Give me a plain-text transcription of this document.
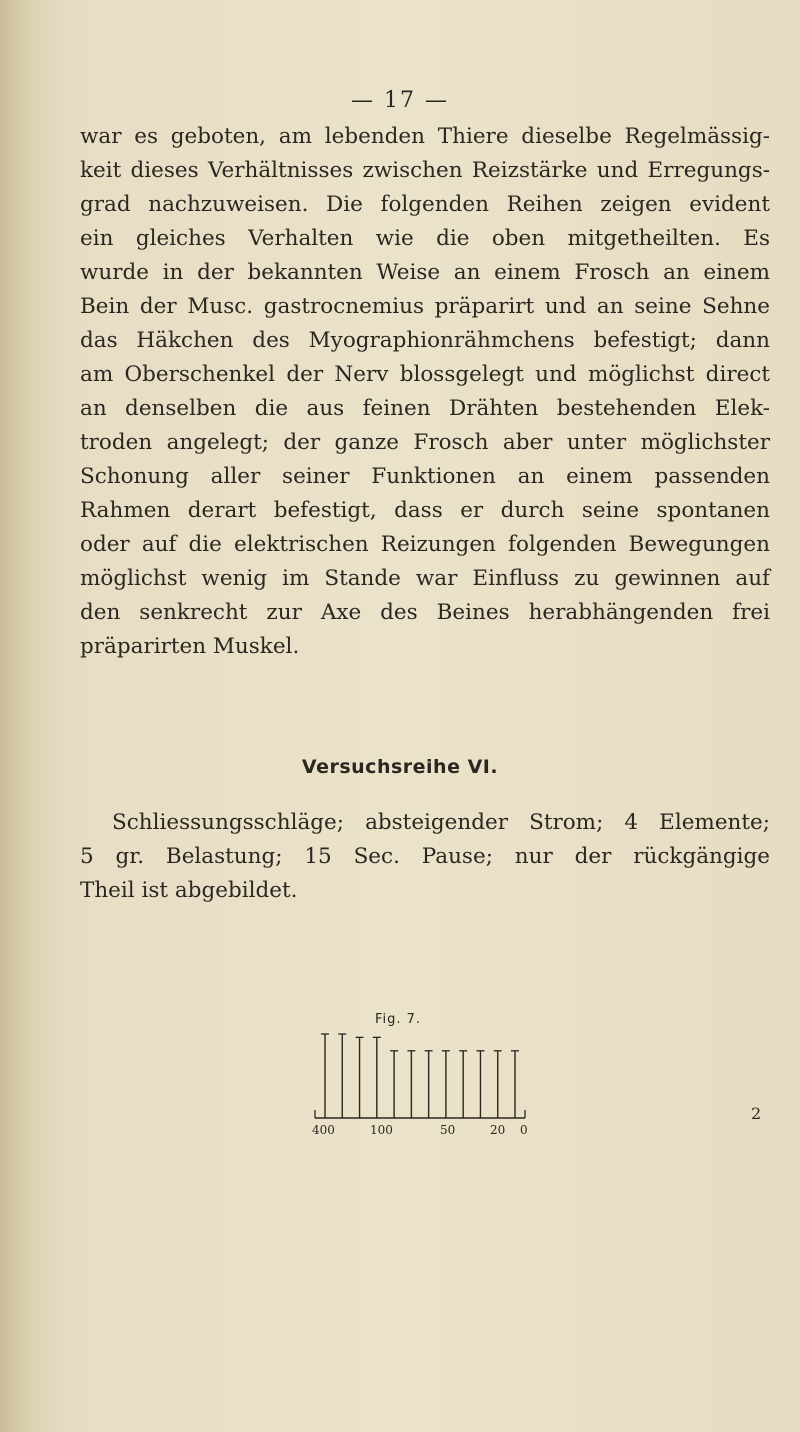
— 17 —
war es geboten, am lebenden Thiere dieselbe Regelmässig-
keit dieses Verhältnisses zwischen Reizstärke und Erregungs-
grad nachzuweisen. Die folgenden Reihen zeigen evident
ein gleiches Verhalten wie die oben mitgetheilten. Es
wurde in der bekannten Weise an einem Frosch an einem
Bein der Musc. gastrocnemius präparirt und an seine Sehne
das Häkchen des Myographionrähmchens befestigt; dann
am Oberschenkel der Nerv blossgelegt und möglichst direct
an denselben die aus feinen Drähten bestehenden Elek-
troden angelegt; der ganze Frosch aber unter möglichster
Schonung aller seiner Funktionen an einem passenden
Rahmen derart befestigt, dass er durch seine spontanen
oder auf die elektrischen Reizungen folgenden Bewegungen
möglichst wenig im Stande war Einfluss zu gewinnen auf
den senkrecht zur Axe des Beines herabhängenden frei
präparirten Muskel.
Versuchsreihe VI.
Schliessungsschläge; absteigender Strom; 4 Elemente;
5 gr. Belastung; 15 Sec. Pause; nur der rückgängige
Theil ist abgebildet.
Fig. 7.
400	100	50	20 0
2
